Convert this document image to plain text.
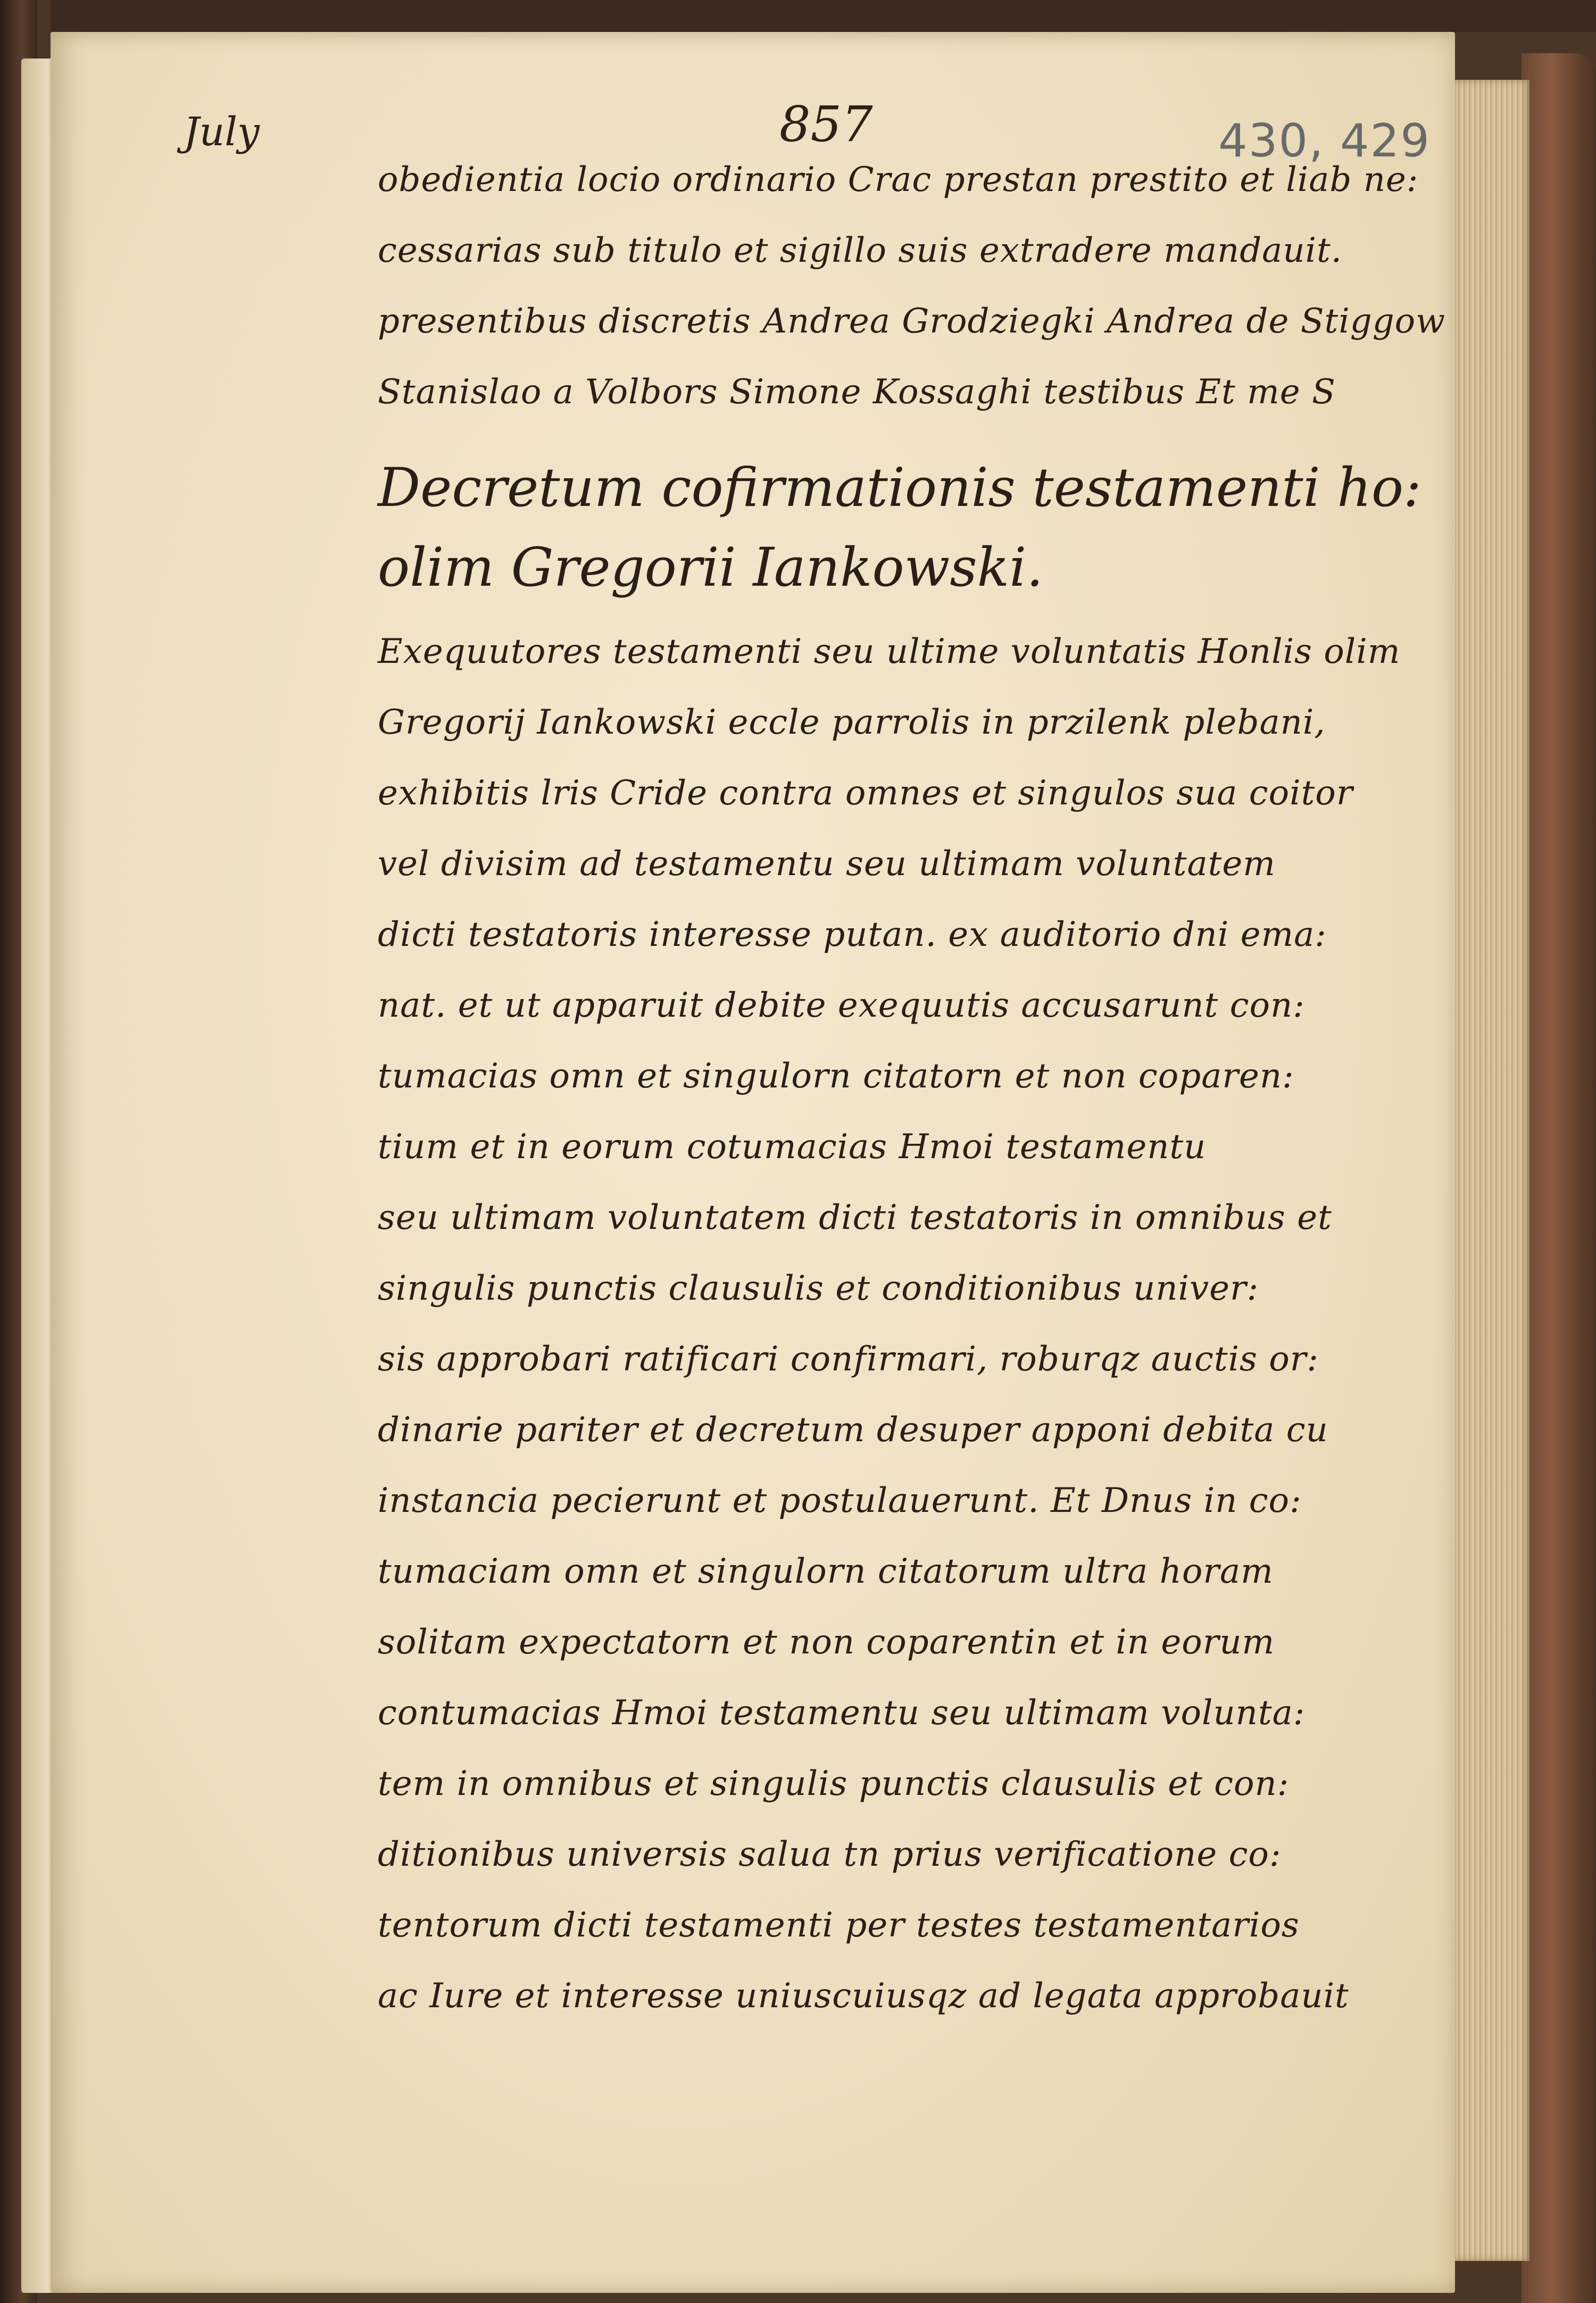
July	857	430, 429
obedientia locio ordinario Crac prestan prestito et liab ne:
cessarias sub titulo et sigillo suis extradere mandauit.
presentibus discretis Andrea Grodziegki Andrea de Stiggow
Stanislao a Volbors Simone Kossaghi testibus Et me S
Decretum cofirmationis testamenti ho:
olim Gregorii Iankowski.
Exequutores testamenti seu ultime voluntatis Honlis olim
Gregorij Iankowski eccle parrolis in przilenk plebani,
exhibitis lris Cride contra omnes et singulos sua coitor
vel divisim ad testamentu seu ultimam voluntatem
dicti testatoris interesse putan. ex auditorio dni ema:
nat. et ut apparuit debite exequutis accusarunt con:
tumacias omn et singulorn citatorn et non coparen:
tium et in eorum cotumacias Hmoi testamentu
seu ultimam voluntatem dicti testatoris in omnibus et
singulis punctis clausulis et conditionibus univer:
sis approbari ratificari confirmari, roburqz auctis or:
dinarie pariter et decretum desuper apponi debita cu
instancia pecierunt et postulauerunt. Et Dnus in co:
tumaciam omn et singulorn citatorum ultra horam
solitam expectatorn et non coparentin et in eorum
contumacias Hmoi testamentu seu ultimam volunta:
tem in omnibus et singulis punctis clausulis et con:
ditionibus universis salua tn prius verificatione co:
tentorum dicti testamenti per testes testamentarios
ac Iure et interesse uniuscuiusqz ad legata approbauit
